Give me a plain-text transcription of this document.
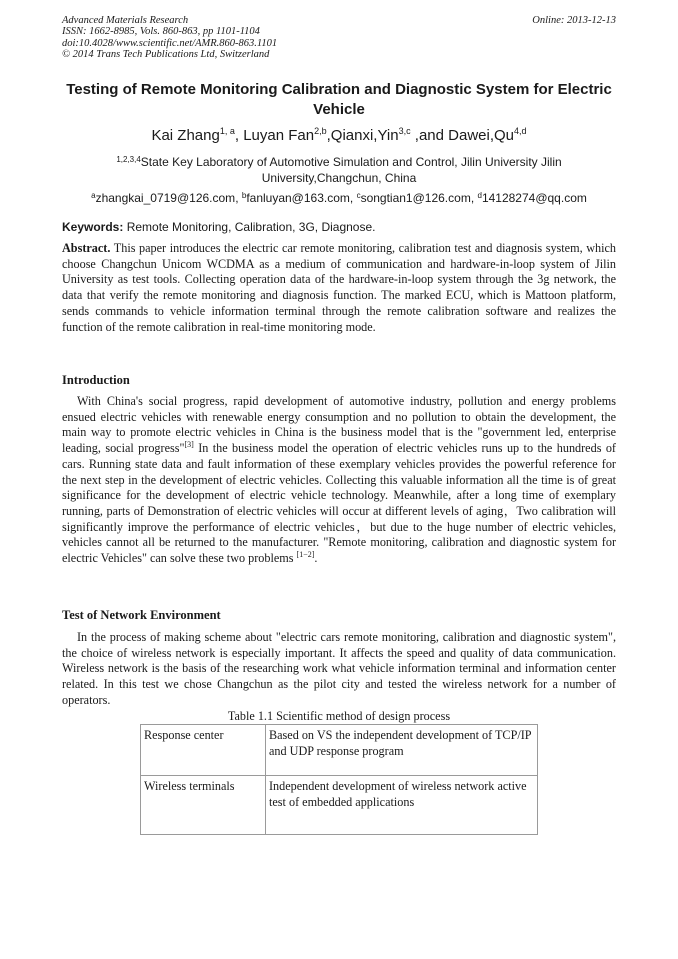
Advanced Materials Research
ISSN: 1662-8985, Vols. 860-863, pp 1101-1104
doi:10.4028/www.scientific.net/AMR.860-863.1101
© 2014 Trans Tech Publications Ltd, Switzerland
Online: 2013-12-13
Testing of Remote Monitoring Calibration and Diagnostic System for Electric Vehicle
Kai Zhang$^{1, a}$, Luyan Fan$^{2,b}$,Qianxi,Yin$^{3,c}$ ,and Dawei,Qu$^{4,d}$
$^{1,2,3,4}$State Key Laboratory of Automotive Simulation and Control, Jilin University Jilin University,Changchun, China
$^a$zhangkai_0719@126.com, $^b$fanluyan@163.com, $^c$songtian1@126.com, $^d$14128274@qq.com
Keywords: Remote Monitoring, Calibration, 3G, Diagnose.
Abstract. This paper introduces the electric car remote monitoring, calibration test and diagnosis system, which choose Changchun Unicom WCDMA as a medium of communication and hardware-in-loop system of Jilin University as test tools. Collecting operation data of the hardware-in-loop system through the 3g network, the data that verify the remote monitoring and diagnosis function. The marked ECU, which is Mattoon platform, sends commands to vehicle information terminal through the remote calibration software and realizes the function of the remote calibration in real-time monitoring mode.
Introduction
With China's social progress, rapid development of automotive industry, pollution and energy problems ensued electric vehicles with renewable energy consumption and no pollution to obtain the development, the main way to promote electric vehicles in China is the business model that is the "government led, enterprise leading, social progress"[3] In the business model the operation of electric vehicles runs up to the hundreds of cars. Running state data and fault information of these exemplary vehicles provides the powerful reference for the next step in the development of electric vehicles. Collecting this valuable information all the time is of great significance for the development of electric vehicle technology. Meanwhile, after a long time of exemplary running, parts of Demonstration of electric vehicles will occur at different levels of aging，Two calibration will significantly improve the performance of electric vehicles，but due to the huge number of electric vehicles, vehicles cannot all be returned to the manufacturer. "Remote monitoring, calibration and diagnostic system for electric Vehicles" can solve these two problems [1−2].
Test of Network Environment
In the process of making scheme about "electric cars remote monitoring, calibration and diagnostic system", the choice of wireless network is especially important. It affects the speed and quality of data communication. Wireless network is the basis of the researching work what vehicle information terminal and information center related. In this test we chose Changchun as the pilot city and tested the wireless network for a number of operators.
Table 1.1 Scientific method of design process
Response center	Based on VS the independent development of TCP/IP and UDP response program
Wireless terminals	Independent development of wireless network active test of embedded applications
